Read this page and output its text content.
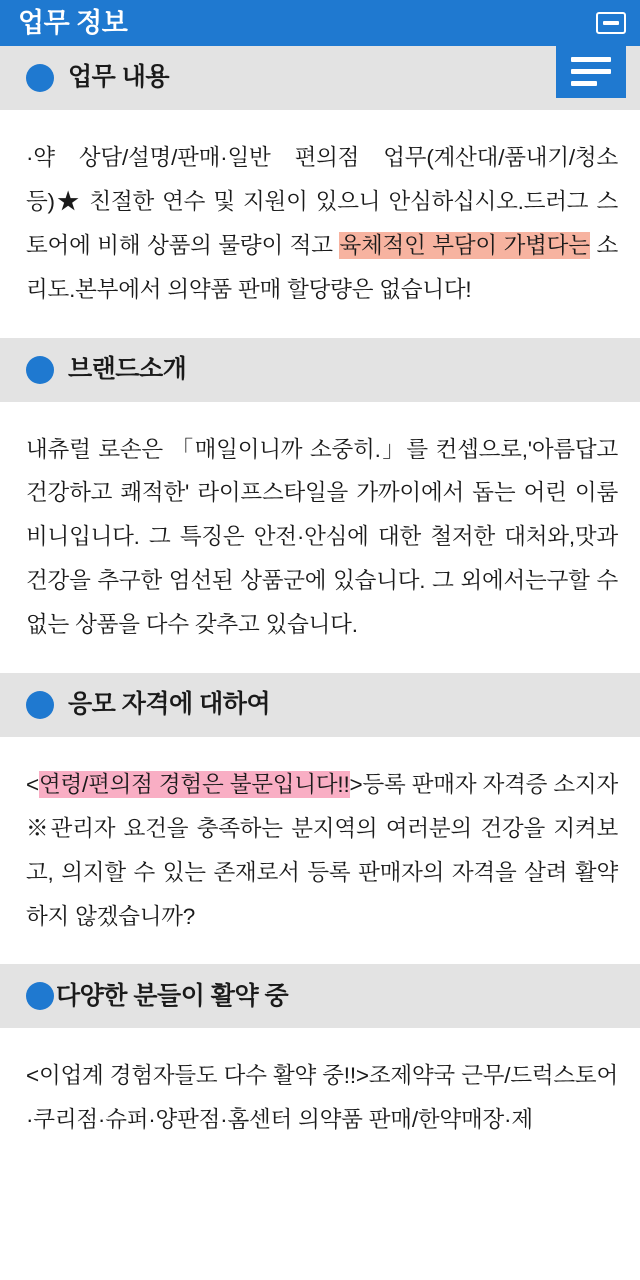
업무 정보
업무 내용
·약 상담/설명/판매·일반 편의점 업무(계산대/품내기/청소 등)★ 친절한 연수 및 지원이 있으니 안심하십시오.드러그 스토어에 비해 상품의 물량이 적고 육체적인 부담이 가볍다는 소리도.본부에서 의약품 판매 할당량은 없습니다!
브랜드소개
내츄럴 로손은 「매일이니까 소중히.」를 컨셉으로,'아름답고 건강하고 쾌적한' 라이프스타일을 가까이에서 돕는 어린 이룸비니입니다. 그 특징은 안전·안심에 대한 철저한 대처와,맛과 건강을 추구한 엄선된 상품군에 있습니다. 그 외에서는구할 수 없는 상품을 다수 갖추고 있습니다.
응모 자격에 대하여
<연령/편의점 경험은 불문입니다!!>등록 판매자 자격증 소지자※관리자 요건을 충족하는 분지역의 여러분의 건강을 지켜보고, 의지할 수 있는 존재로서 등록 판매자의 자격을 살려 활약하지 않겠습니까?
다양한 분들이 활약 중
<이업계 경험자들도 다수 활약 중!!>조제약국 근무/드럭스토어·쿠리점·슈퍼·양판점·홈센터 의약품 판매/한약매장·제
